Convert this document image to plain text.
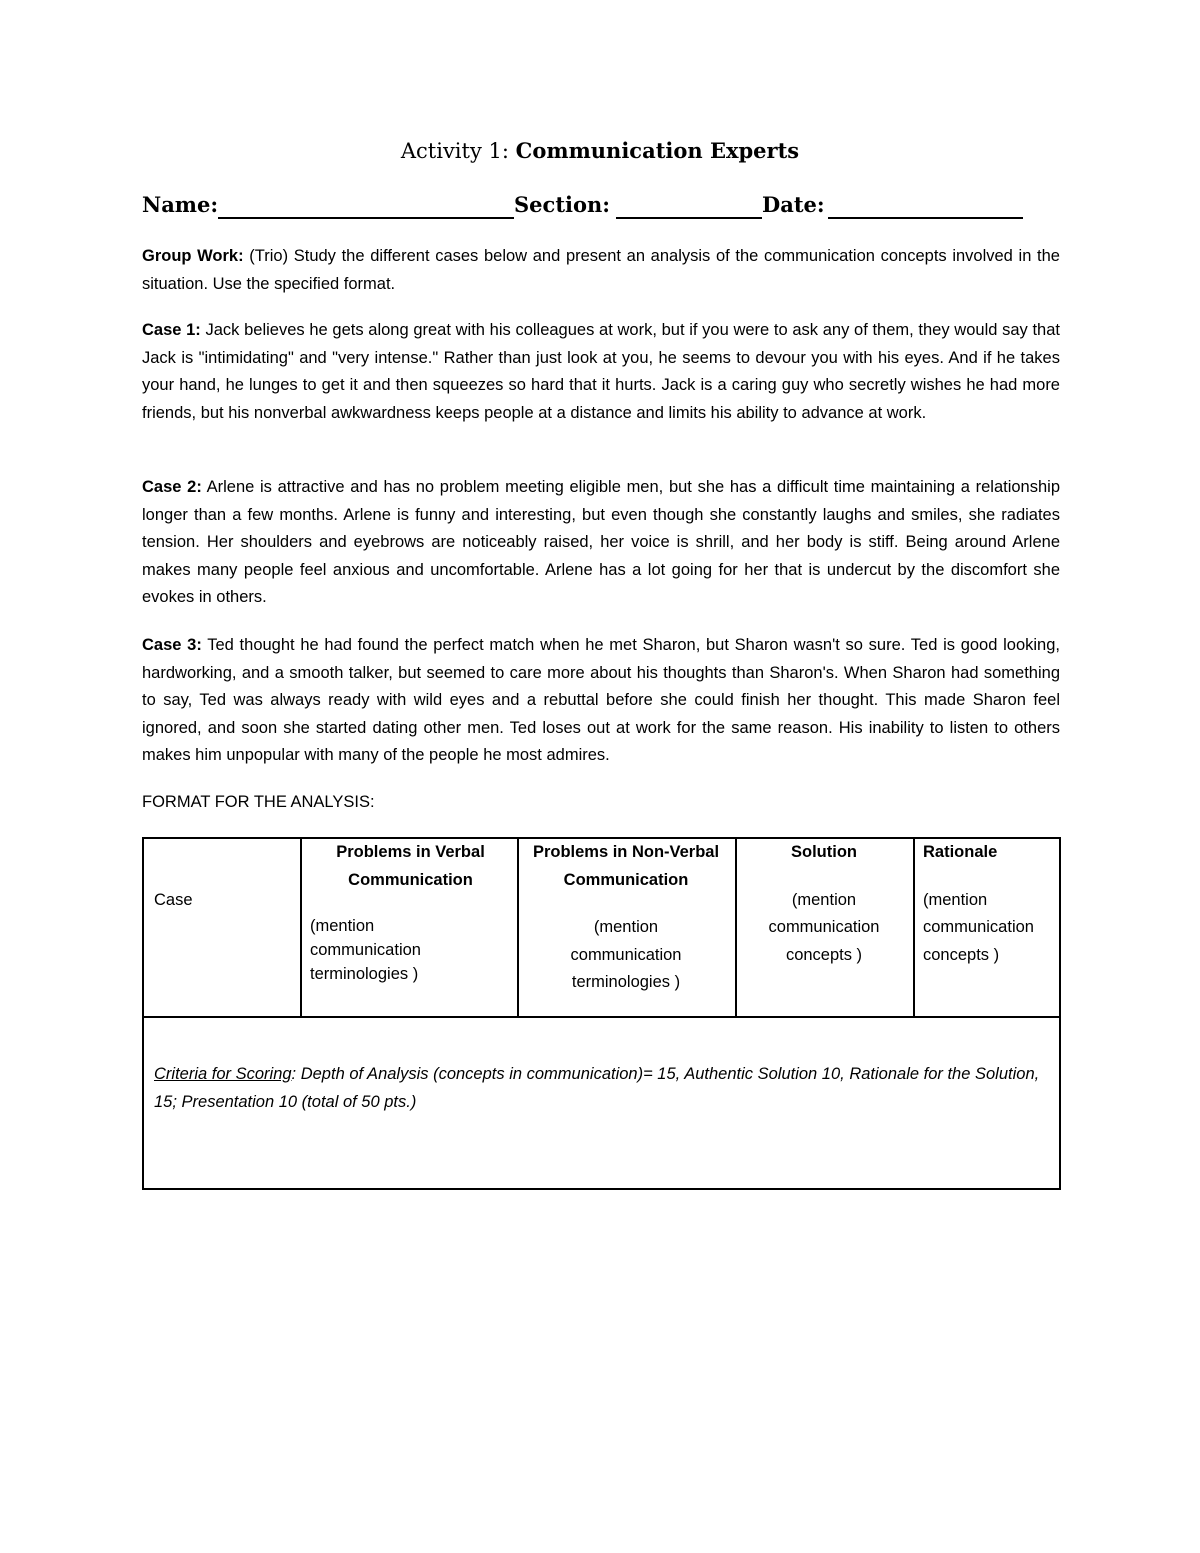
Activity 1: Communication Experts
Name:	Section:	Date:

Group Work: (Trio) Study the different cases below and present an analysis of the communication concepts involved in the situation. Use the specified format.

Case 1: Jack believes he gets along great with his colleagues at work, but if you were to ask any of them, they would say that Jack is "intimidating" and "very intense." Rather than just look at you, he seems to devour you with his eyes. And if he takes your hand, he lunges to get it and then squeezes so hard that it hurts. Jack is a caring guy who secretly wishes he had more friends, but his nonverbal awkwardness keeps people at a distance and limits his ability to advance at work.

Case 2: Arlene is attractive and has no problem meeting eligible men, but she has a difficult time maintaining a relationship longer than a few months. Arlene is funny and interesting, but even though she constantly laughs and smiles, she radiates tension. Her shoulders and eyebrows are noticeably raised, her voice is shrill, and her body is stiff. Being around Arlene makes many people feel anxious and uncomfortable. Arlene has a lot going for her that is undercut by the discomfort she evokes in others.

Case 3: Ted thought he had found the perfect match when he met Sharon, but Sharon wasn't so sure. Ted is good looking, hardworking, and a smooth talker, but seemed to care more about his thoughts than Sharon's. When Sharon had something to say, Ted was always ready with wild eyes and a rebuttal before she could finish her thought. This made Sharon feel ignored, and soon she started dating other men. Ted loses out at work for the same reason. His inability to listen to others makes him unpopular with many of the people he most admires.

FORMAT FOR THE ANALYSIS:

Case
Problems in Verbal Communication
(mention communication terminologies )
Problems in Non-Verbal Communication
(mention communication terminologies )
Solution
(mention communication concepts )
Rationale
(mention communication concepts )

Criteria for Scoring: Depth of Analysis (concepts in communication)= 15, Authentic Solution 10, Rationale for the Solution, 15; Presentation 10 (total of 50 pts.)
